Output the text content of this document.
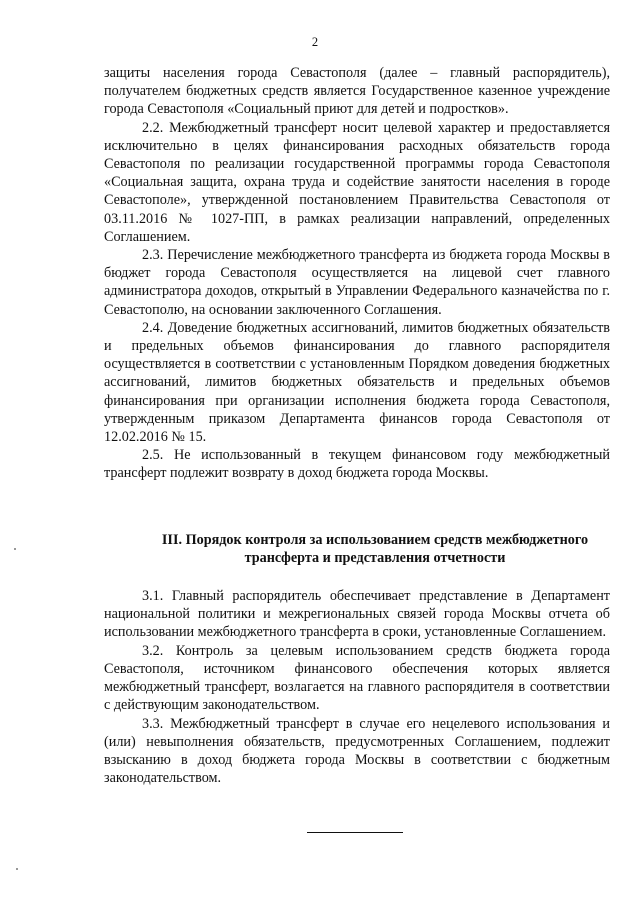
2

защиты населения города Севастополя (далее – главный распорядитель), получателем бюджетных средств является Государственное казенное учреждение города Севастополя «Социальный приют для детей и подростков».

2.2. Межбюджетный трансферт носит целевой характер и предоставляется исключительно в целях финансирования расходных обязательств города Севастополя по реализации государственной программы города Севастополя «Социальная защита, охрана труда и содействие занятости населения в городе Севастополе», утвержденной постановлением Правительства Севастополя от 03.11.2016 № 1027-ПП, в рамках реализации направлений, определенных Соглашением.

2.3. Перечисление межбюджетного трансферта из бюджета города Москвы в бюджет города Севастополя осуществляется на лицевой счет главного администратора доходов, открытый в Управлении Федерального казначейства по г. Севастополю, на основании заключенного Соглашения.

2.4. Доведение бюджетных ассигнований, лимитов бюджетных обязательств и предельных объемов финансирования до главного распорядителя осуществляется в соответствии с установленным Порядком доведения бюджетных ассигнований, лимитов бюджетных обязательств и предельных объемов финансирования при организации исполнения бюджета города Севастополя, утвержденным приказом Департамента финансов города Севастополя от 12.02.2016 № 15.

2.5. Не использованный в текущем финансовом году межбюджетный трансферт подлежит возврату в доход бюджета города Москвы.

III. Порядок контроля за использованием средств межбюджетного

трансферта и представления отчетности

3.1. Главный распорядитель обеспечивает представление в Департамент национальной политики и межрегиональных связей города Москвы отчета об использовании межбюджетного трансферта в сроки, установленные Соглашением.

3.2. Контроль за целевым использованием средств бюджета города Севастополя, источником финансового обеспечения которых является межбюджетный трансферт, возлагается на главного распорядителя в соответствии с действующим законодательством.

3.3. Межбюджетный трансферт в случае его нецелевого использования и (или) невыполнения обязательств, предусмотренных Соглашением, подлежит взысканию в доход бюджета города Москвы в соответствии с бюджетным законодательством.
